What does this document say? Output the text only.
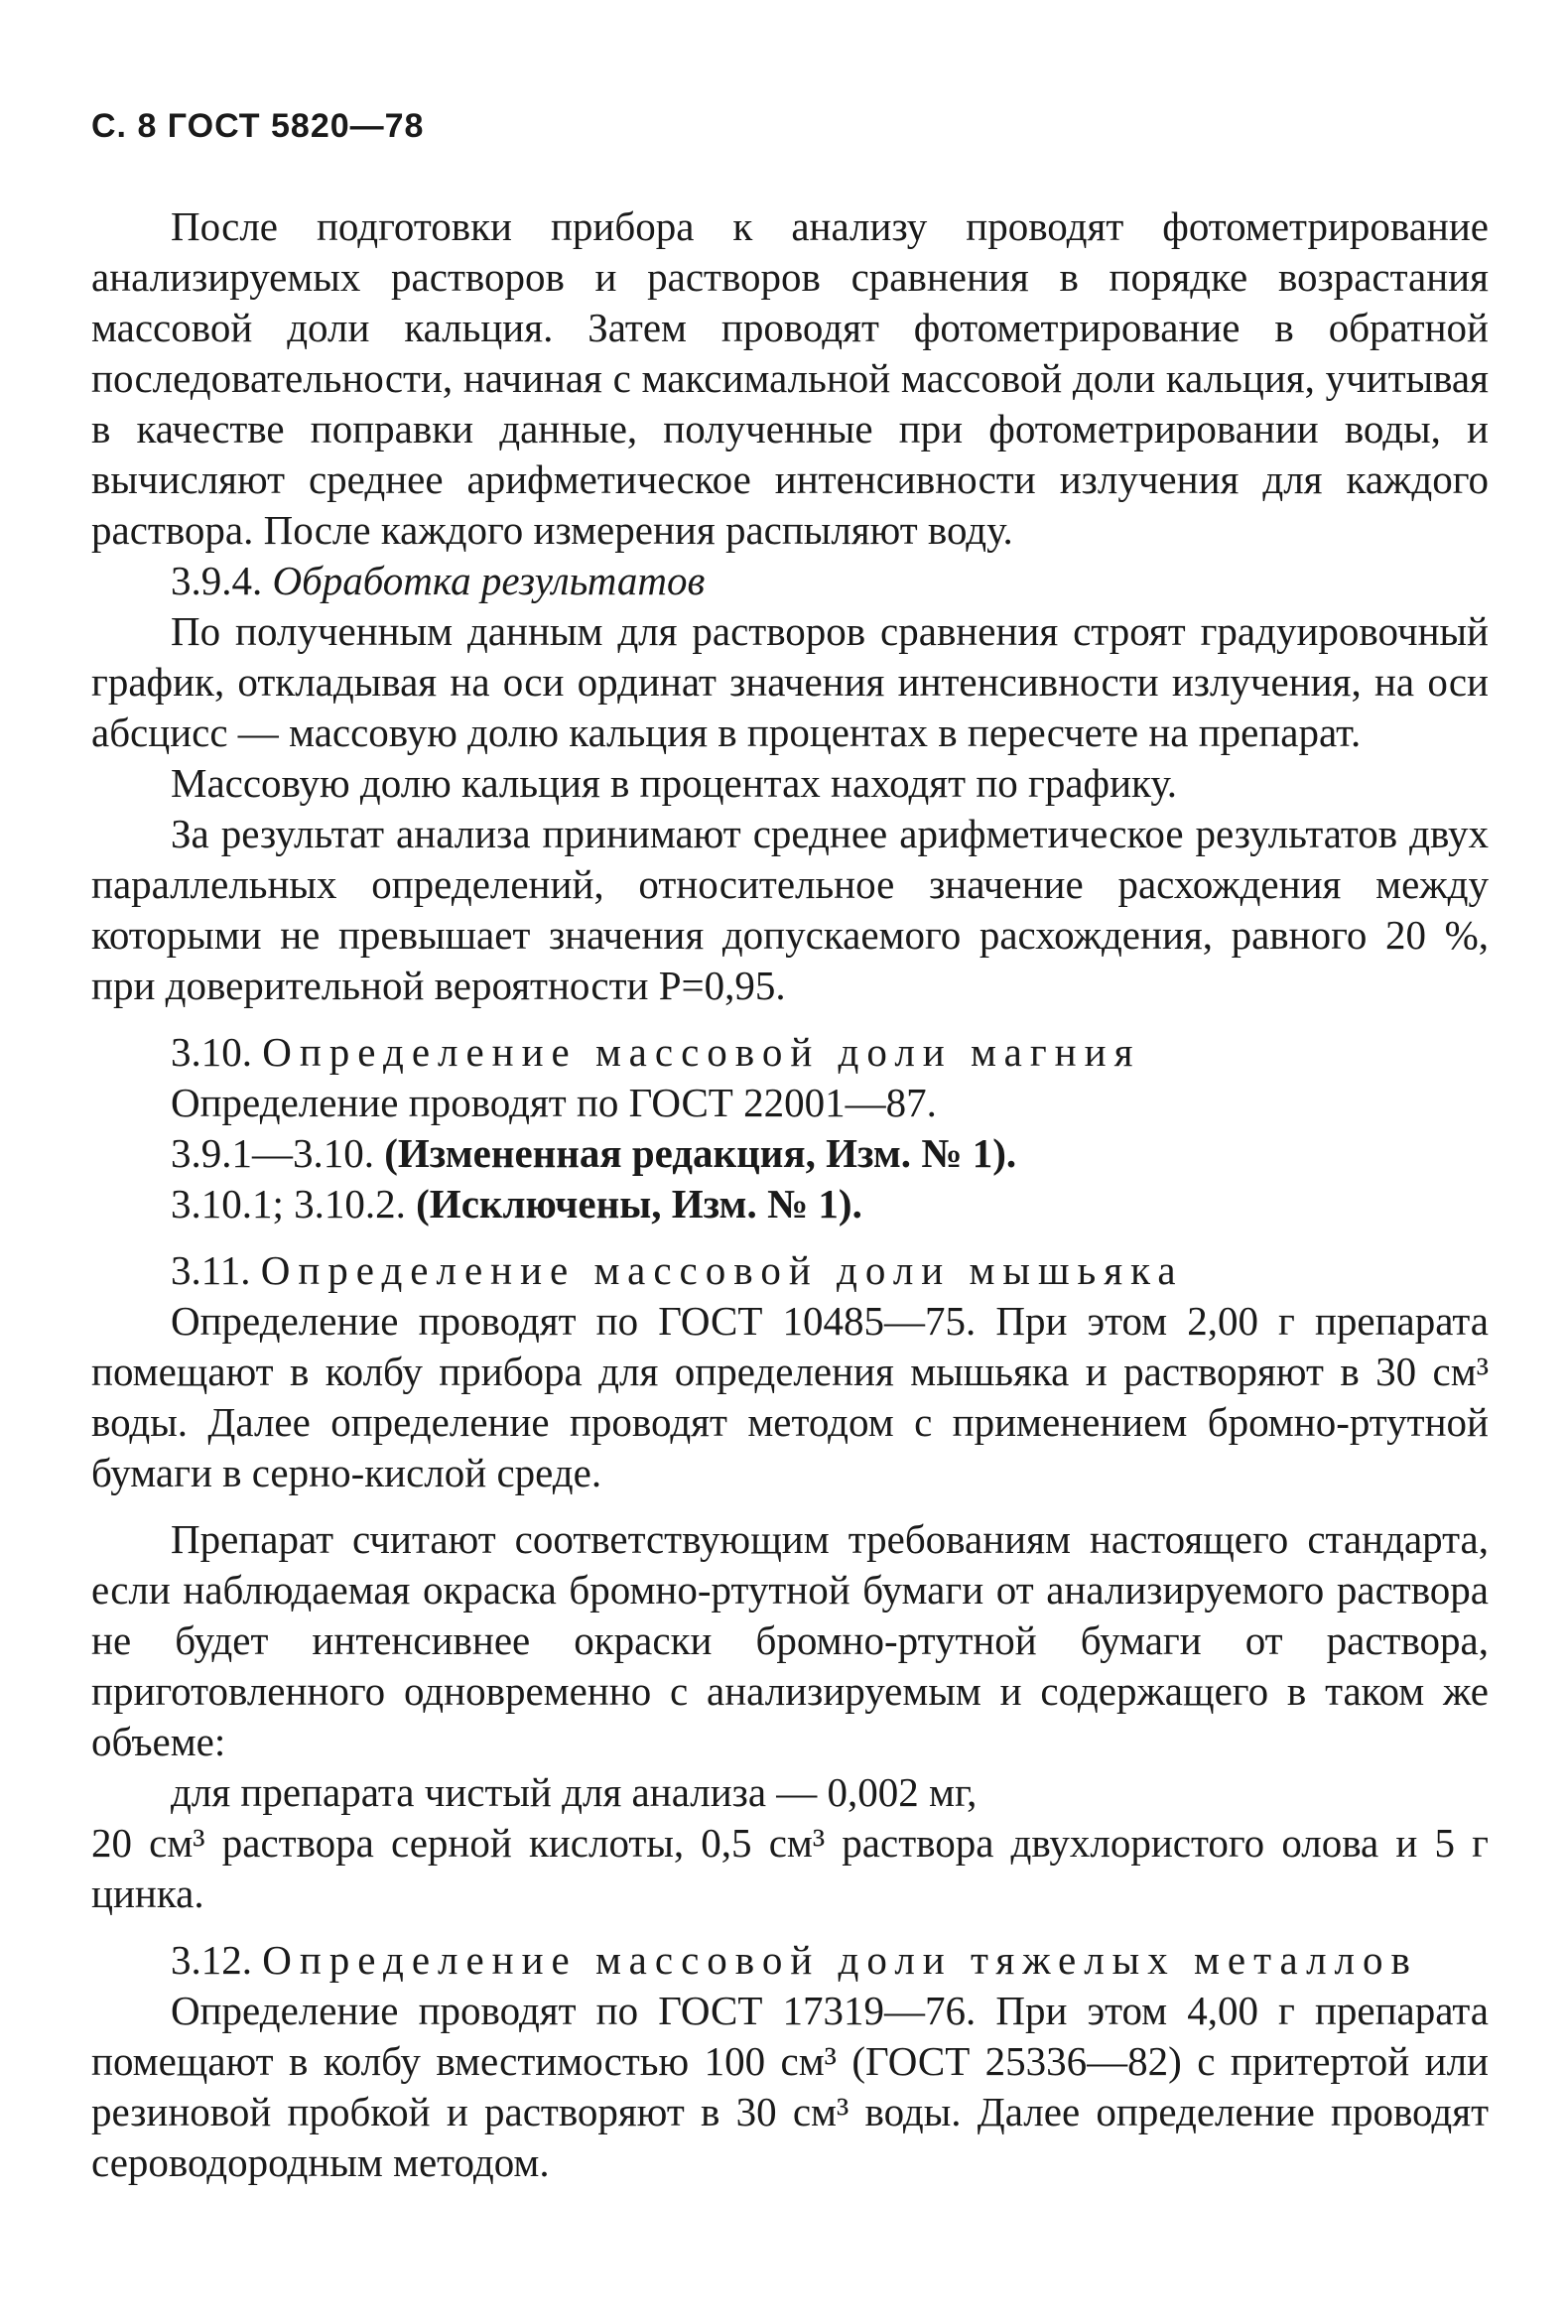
С. 8 ГОСТ 5820—78

После подготовки прибора к анализу проводят фотометрирование анализируемых растворов и растворов сравнения в порядке возрастания массовой доли кальция. Затем проводят фотометрирование в обратной последовательности, начиная с максимальной массовой доли кальция, учитывая в качестве поправки данные, полученные при фотометрировании воды, и вычисляют среднее арифметическое интенсивности излучения для каждого раствора. После каждого измерения распыляют воду.

3.9.4. Обработка результатов

По полученным данным для растворов сравнения строят градуировочный график, откладывая на оси ординат значения интенсивности излучения, на оси абсцисс — массовую долю кальция в процентах в пересчете на препарат.

Массовую долю кальция в процентах находят по графику.

За результат анализа принимают среднее арифметическое результатов двух параллельных определений, относительное значение расхождения между которыми не превышает значения допускаемого расхождения, равного 20 %, при доверительной вероятности P=0,95.

3.10. Определение массовой доли магния

Определение проводят по ГОСТ 22001—87.

3.9.1—3.10. (Измененная редакция, Изм. № 1).

3.10.1; 3.10.2. (Исключены, Изм. № 1).

3.11. Определение массовой доли мышьяка

Определение проводят по ГОСТ 10485—75. При этом 2,00 г препарата помещают в колбу прибора для определения мышьяка и растворяют в 30 см³ воды. Далее определение проводят методом с применением бромно-ртутной бумаги в серно-кислой среде.

Препарат считают соответствующим требованиям настоящего стандарта, если наблюдаемая окраска бромно-ртутной бумаги от анализируемого раствора не будет интенсивнее окраски бромно-ртутной бумаги от раствора, приготовленного одновременно с анализируемым и содержащего в таком же объеме:

для препарата чистый для анализа — 0,002 мг,

20 см³ раствора серной кислоты, 0,5 см³ раствора двухлористого олова и 5 г цинка.

3.12. Определение массовой доли тяжелых металлов

Определение проводят по ГОСТ 17319—76. При этом 4,00 г препарата помещают в колбу вместимостью 100 см³ (ГОСТ 25336—82) с притертой или резиновой пробкой и растворяют в 30 см³ воды. Далее определение проводят сероводородным методом.
